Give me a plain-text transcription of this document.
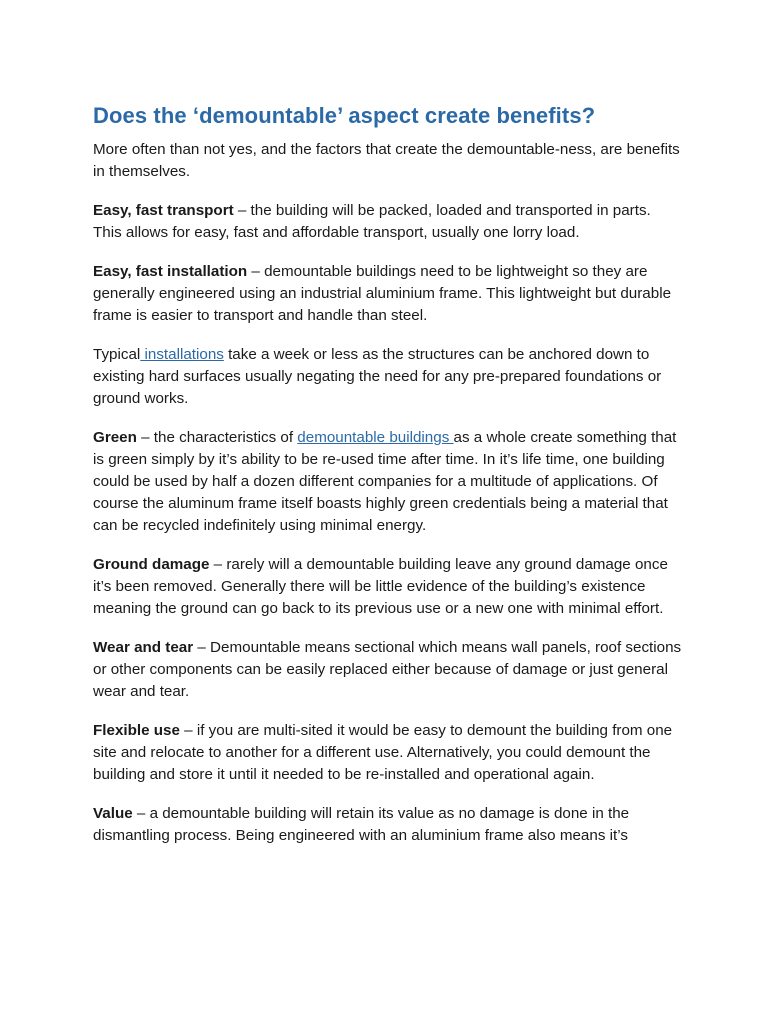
Does the ‘demountable’ aspect create benefits?

More often than not yes, and the factors that create the demountable-ness, are benefits in themselves.

Easy, fast transport – the building will be packed, loaded and transported in parts. This allows for easy, fast and affordable transport, usually one lorry load.

Easy, fast installation – demountable buildings need to be lightweight so they are generally engineered using an industrial aluminium frame. This lightweight but durable frame is easier to transport and handle than steel.

Typical installations take a week or less as the structures can be anchored down to existing hard surfaces usually negating the need for any pre-prepared foundations or ground works.

Green – the characteristics of demountable buildings as a whole create something that is green simply by it’s ability to be re-used time after time. In it’s life time, one building could be used by half a dozen different companies for a multitude of applications. Of course the aluminum frame itself boasts highly green credentials being a material that can be recycled indefinitely using minimal energy.

Ground damage – rarely will a demountable building leave any ground damage once it’s been removed. Generally there will be little evidence of the building’s existence meaning the ground can go back to its previous use or a new one with minimal effort.

Wear and tear – Demountable means sectional which means wall panels, roof sections or other components can be easily replaced either because of damage or just general wear and tear.

Flexible use – if you are multi-sited it would be easy to demount the building from one site and relocate to another for a different use. Alternatively, you could demount the building and store it until it needed to be re-installed and operational again.

Value – a demountable building will retain its value as no damage is done in the dismantling process. Being engineered with an aluminium frame also means it’s
